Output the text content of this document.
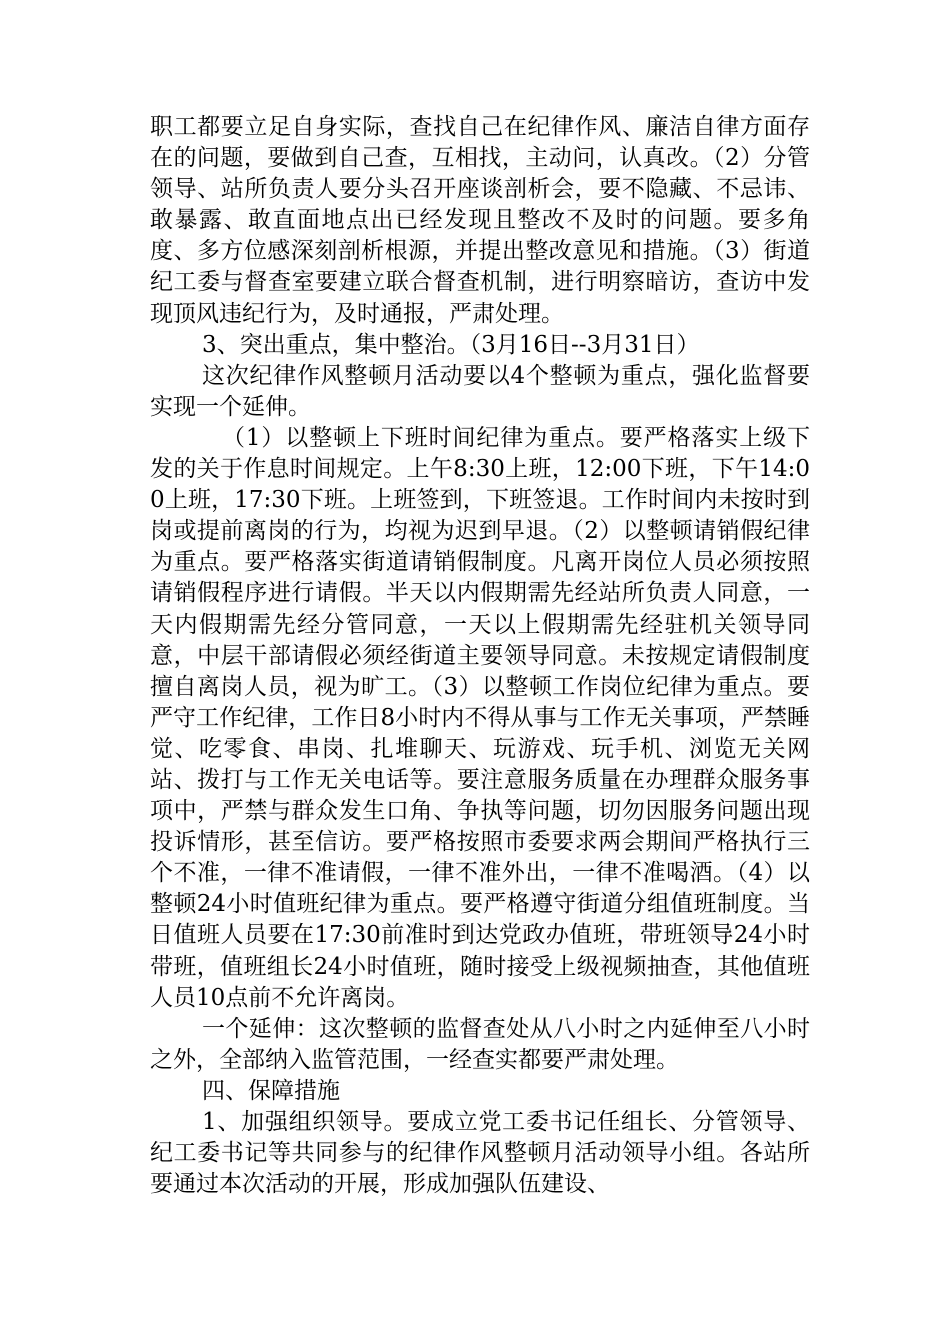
职工都要立足自身实际，查找自己在纪律作风、廉洁自律方面存在的问题，要做到自己查，互相找，主动问，认真改。（2）分管领导、站所负责人要分头召开座谈剖析会，要不隐藏、不忌讳、敢暴露、敢直面地点出已经发现且整改不及时的问题。要多角度、多方位感深刻剖析根源，并提出整改意见和措施。（3）街道纪工委与督查室要建立联合督查机制，进行明察暗访，查访中发现顶风违纪行为，及时通报，严肃处理。

3、突出重点，集中整治。（3月16日--3月31日）

这次纪律作风整顿月活动要以4个整顿为重点，强化监督要实现一个延伸。

（1）以整顿上下班时间纪律为重点。要严格落实上级下发的关于作息时间规定。上午8:30上班，12:00下班，下午14:00上班，17:30下班。上班签到，下班签退。工作时间内未按时到岗或提前离岗的行为，均视为迟到早退。（2）以整顿请销假纪律为重点。要严格落实街道请销假制度。凡离开岗位人员必须按照请销假程序进行请假。半天以内假期需先经站所负责人同意，一天内假期需先经分管同意，一天以上假期需先经驻机关领导同意，中层干部请假必须经街道主要领导同意。未按规定请假制度擅自离岗人员，视为旷工。（3）以整顿工作岗位纪律为重点。要严守工作纪律，工作日8小时内不得从事与工作无关事项，严禁睡觉、吃零食、串岗、扎堆聊天、玩游戏、玩手机、浏览无关网站、拨打与工作无关电话等。要注意服务质量在办理群众服务事项中，严禁与群众发生口角、争执等问题，切勿因服务问题出现投诉情形，甚至信访。要严格按照市委要求两会期间严格执行三个不准，一律不准请假，一律不准外出，一律不准喝酒。（4）以整顿24小时值班纪律为重点。要严格遵守街道分组值班制度。当日值班人员要在17:30前准时到达党政办值班，带班领导24小时带班，值班组长24小时值班，随时接受上级视频抽查，其他值班人员10点前不允许离岗。

一个延伸：这次整顿的监督查处从八小时之内延伸至八小时之外，全部纳入监管范围，一经查实都要严肃处理。

四、保障措施

1、加强组织领导。要成立党工委书记任组长、分管领导、纪工委书记等共同参与的纪律作风整顿月活动领导小组。各站所要通过本次活动的开展，形成加强队伍建设、
